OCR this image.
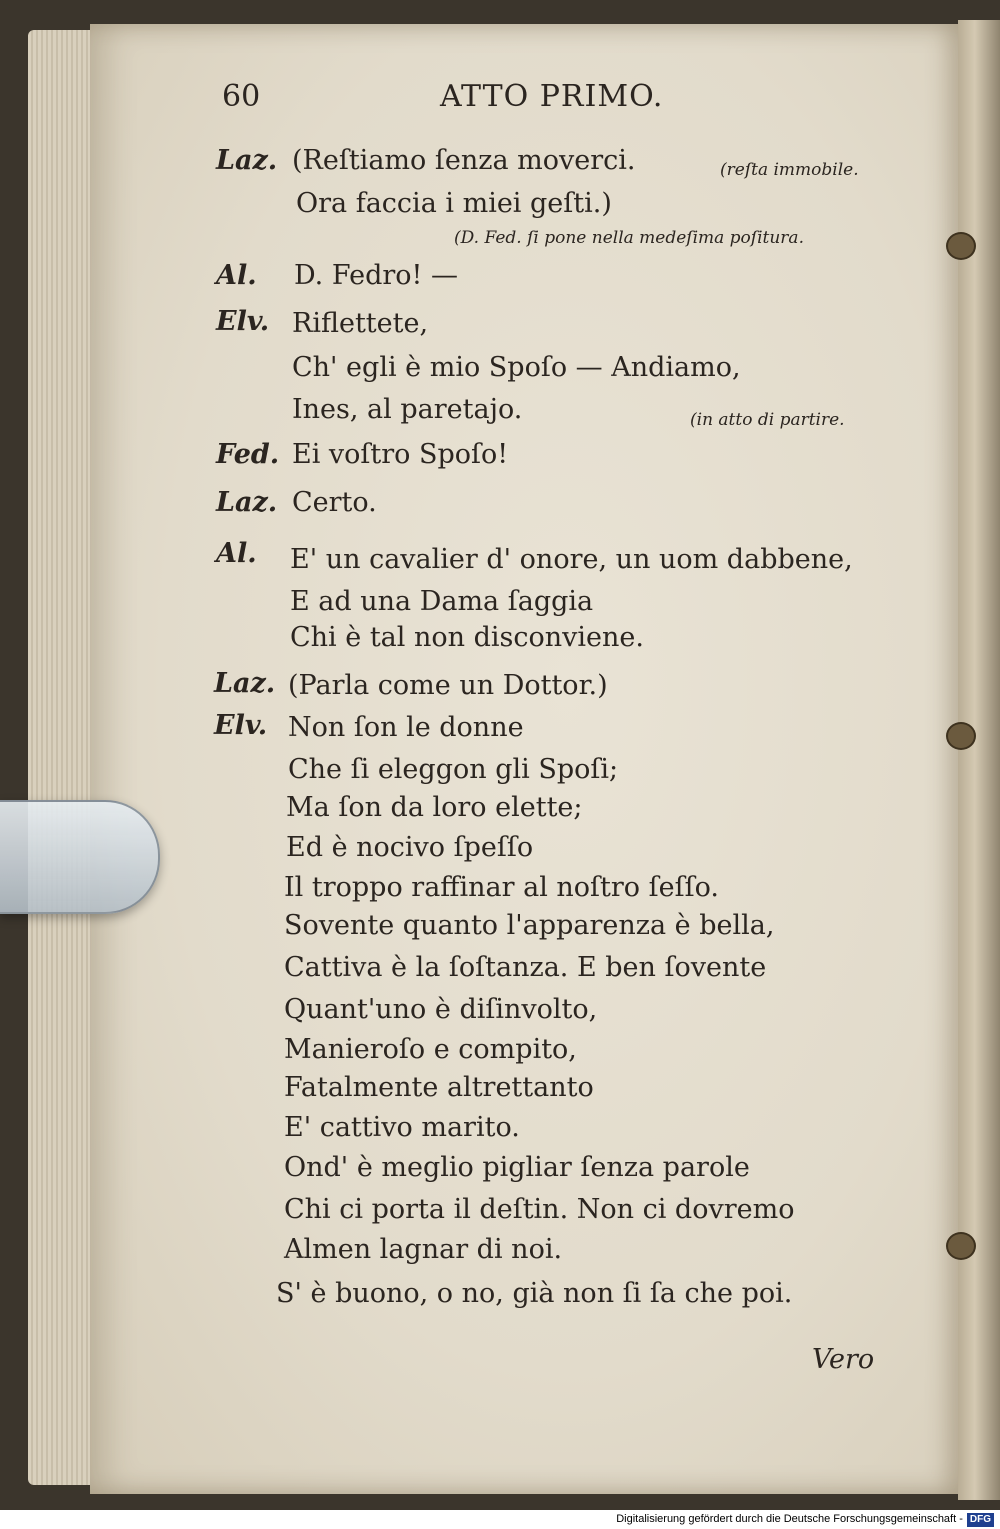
60	ATTO PRIMO.
Laz. (Reſtiamo ſenza moverci.	(reſta immobile.
Ora faccia i miei geſti.)
(D. Fed. ſi pone nella medeſima poſitura.
Al. D. Fedro! —
Elv. Riflettete,
Ch' egli è mio Spoſo — Andiamo,
Ines, al paretajo.	(in atto di partire.
Fed. Ei voſtro Spoſo!
Laz. Certo.
Al. E' un cavalier d' onore, un uom dabbene,
E ad una Dama ſaggia
Chi è tal non disconviene.
Laz. (Parla come un Dottor.)
Elv. Non ſon le donne
Che ſi eleggon gli Spoſi;
Ma ſon da loro elette;
Ed è nocivo ſpeſſo
Il troppo raffinar al noſtro ſeſſo.
Sovente quanto l'apparenza è bella,
Cattiva è la ſoſtanza. E ben ſovente
Quant'uno è diſinvolto,
Manieroſo e compito,
Fatalmente altrettanto
E' cattivo marito.
Ond' è meglio pigliar ſenza parole
Chi ci porta il deſtin. Non ci dovremo
Almen lagnar di noi.
S' è buono, o no, già non ſi ſa che poi.
Vero
Digitalisierung gefördert durch die Deutsche Forschungsgemeinschaft - DFG
